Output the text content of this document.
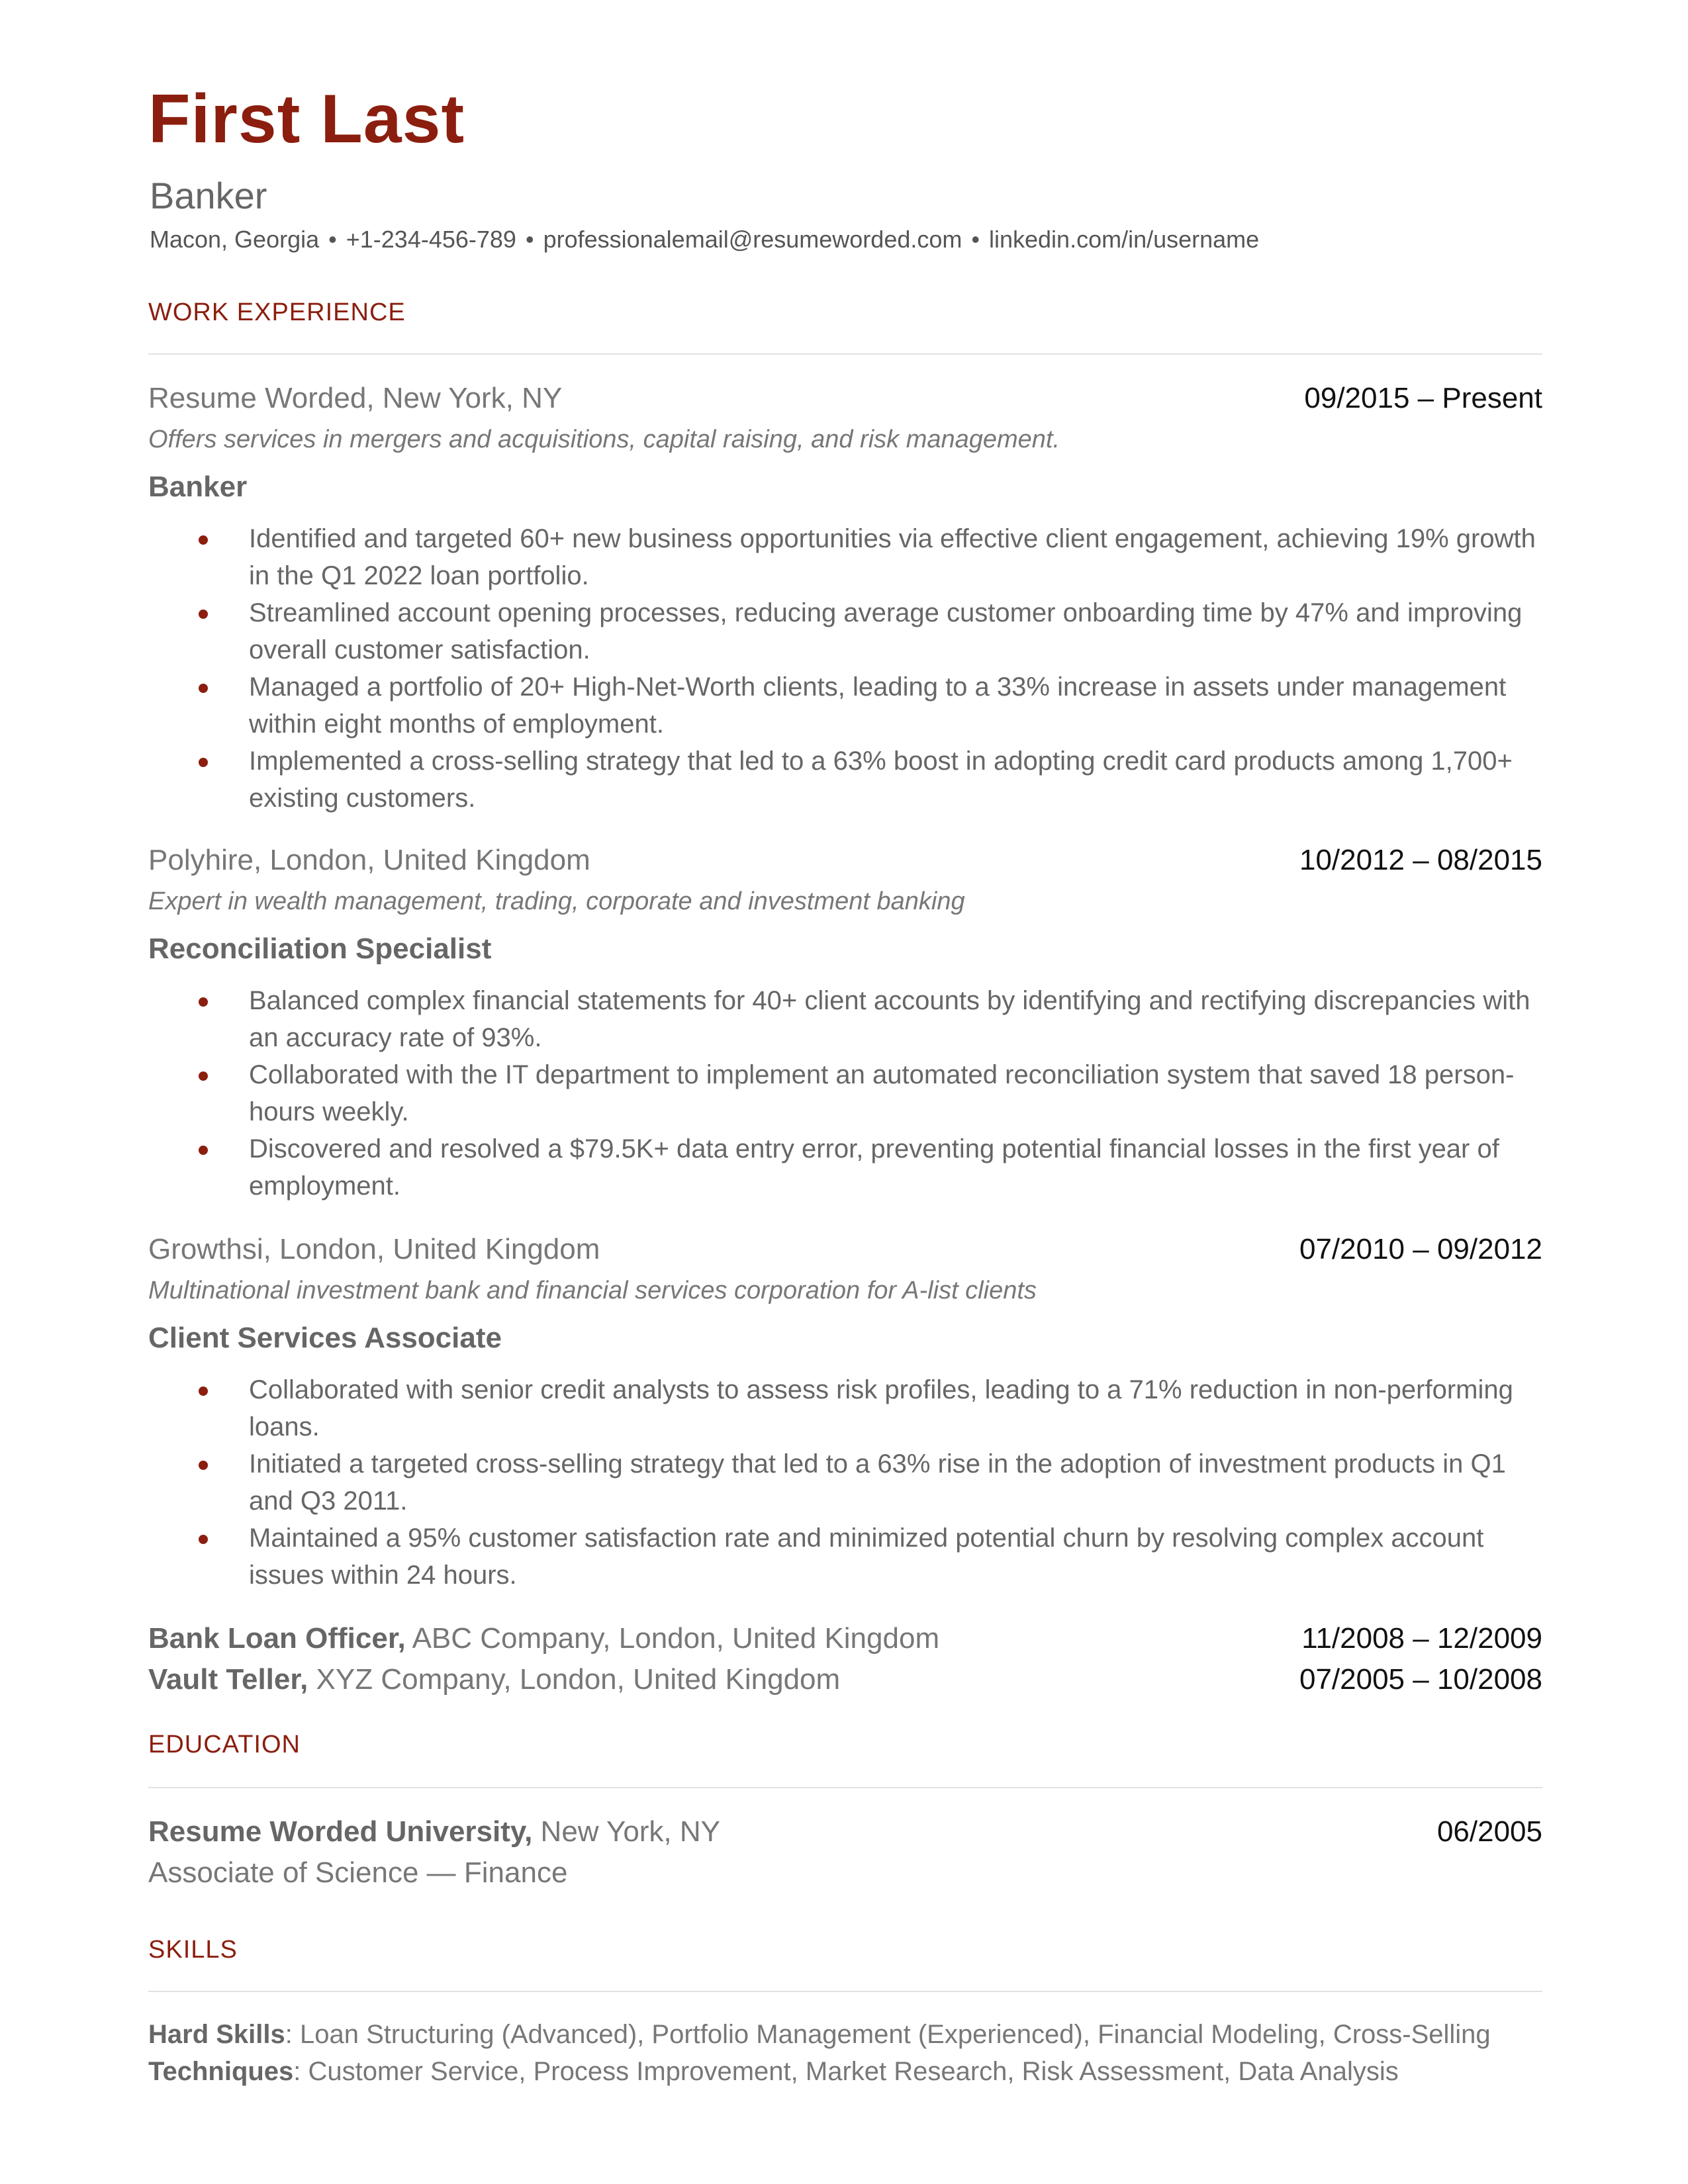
First Last
Banker
Macon, Georgia • +1-234-456-789 • professionalemail@resumeworded.com • linkedin.com/in/username
WORK EXPERIENCE
Resume Worded, New York, NY	09/2015 – Present
Offers services in mergers and acquisitions, capital raising, and risk management.
Banker
Identified and targeted 60+ new business opportunities via effective client engagement, achieving 19% growth in the Q1 2022 loan portfolio.
Streamlined account opening processes, reducing average customer onboarding time by 47% and improving overall customer satisfaction.
Managed a portfolio of 20+ High-Net-Worth clients, leading to a 33% increase in assets under management within eight months of employment.
Implemented a cross-selling strategy that led to a 63% boost in adopting credit card products among 1,700+ existing customers.
Polyhire, London, United Kingdom	10/2012 – 08/2015
Expert in wealth management, trading, corporate and investment banking
Reconciliation Specialist
Balanced complex financial statements for 40+ client accounts by identifying and rectifying discrepancies with an accuracy rate of 93%.
Collaborated with the IT department to implement an automated reconciliation system that saved 18 person-hours weekly.
Discovered and resolved a $79.5K+ data entry error, preventing potential financial losses in the first year of employment.
Growthsi, London, United Kingdom	07/2010 – 09/2012
Multinational investment bank and financial services corporation for A-list clients
Client Services Associate
Collaborated with senior credit analysts to assess risk profiles, leading to a 71% reduction in non-performing loans.
Initiated a targeted cross-selling strategy that led to a 63% rise in the adoption of investment products in Q1 and Q3 2011.
Maintained a 95% customer satisfaction rate and minimized potential churn by resolving complex account issues within 24 hours.
Bank Loan Officer, ABC Company, London, United Kingdom	11/2008 – 12/2009
Vault Teller, XYZ Company, London, United Kingdom	07/2005 – 10/2008
EDUCATION
Resume Worded University, New York, NY	06/2005
Associate of Science — Finance
SKILLS
Hard Skills: Loan Structuring (Advanced), Portfolio Management (Experienced), Financial Modeling, Cross-Selling
Techniques: Customer Service, Process Improvement, Market Research, Risk Assessment, Data Analysis
